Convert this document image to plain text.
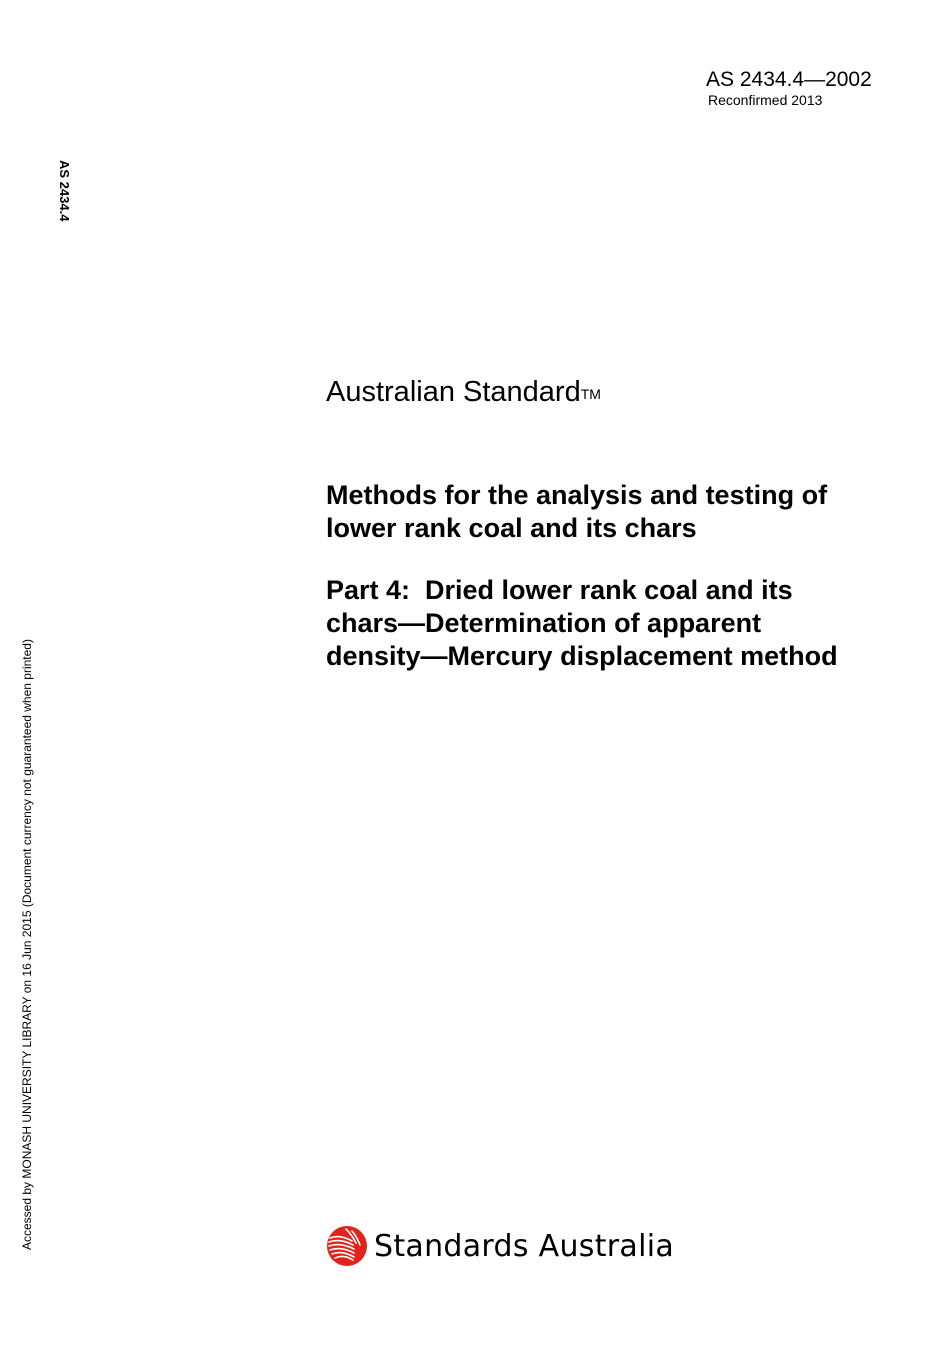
AS 2434.4—2002
Reconfirmed 2013
AS 2434.4
Accessed by MONASH UNIVERSITY LIBRARY on 16 Jun 2015 (Document currency not guaranteed when printed)
Australian Standard™
Methods for the analysis and testing of
lower rank coal and its chars
Part 4:  Dried lower rank coal and its
chars—Determination of apparent
density—Mercury displacement method
Standards Australia
